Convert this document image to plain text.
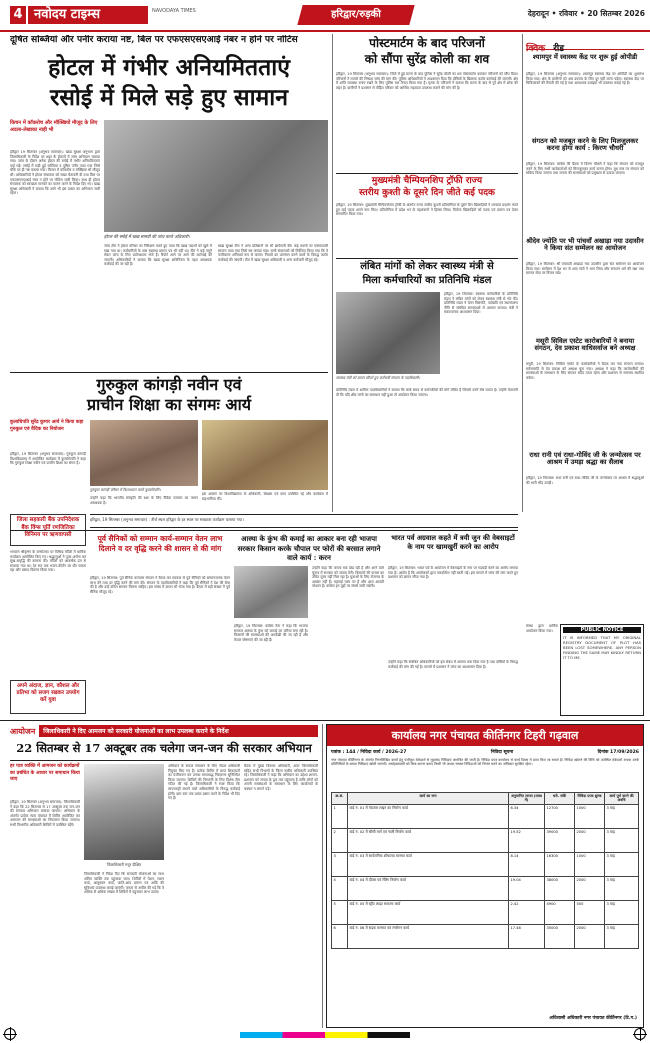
4 नवोदय टाइम्स	NAVODAYA TIMES	हरिद्वार/रुड़की	देहरादून • रविवार • 20 सितम्बर 2026
दूषित सब्जियां और पनीर कराया नष्ट, बिल पर एफएसएसएआई नंबर न होने पर नोटिस
होटल में गंभीर अनियमितताएं
रसोई में मिले सड़े हुए सामान
किचन में कॉकरोच और मॉक्खियों मौजूद के लिए अदला-लेखाका नाही भी

हरिद्वार 19 सितम्बर (अनुभव समाचार): खाद्य सुरक्षा अनुभाग द्वारा जिलाधिकारी के निर्देश पर शहर के होटलों में जांच अभियान चलाया गया। जांच के दौरान अनेक होटल की रसोई में गंभीर अनियमितताएं पाई गईं। रसोई में सड़ी हुई सब्जियां व दूषित पनीर पाया गया जिसे मौके पर ही नष्ट कराया गया। किचन में कॉकरोच व मक्खियां भी मौजूद थीं। अधिकारियों ने होटल संचालक को सख्त चेतावनी दी तथा बिल पर एफएसएसएआई नंबर न होने पर नोटिस जारी किया। साथ ही होटल संचालक को स्वच्छता मानकों का पालन करने के निर्देश दिए गए। खाद्य सुरक्षा अधिकारी ने बताया कि आगे भी इस प्रकार का अभियान जारी रहेगा।

होटल की रसोई में खाद्य सामग्री की जांच करते अधिकारी।

जांच टीम ने होटल परिसर का निरीक्षण करते हुए पाया कि खाद्य पदार्थों को खुले में रखा गया था। कर्मचारियों के पास स्वास्थ्य प्रमाण पत्र भी नहीं था। टीम ने कई नमूने लेकर जांच के लिए प्रयोगशाला भेजे हैं। रिपोर्ट आने पर आगे की कार्रवाई की जाएगी। अधिकारियों ने बताया कि खाद्य सुरक्षा अधिनियम के तहत आवश्यक कार्रवाई की जा रही है।

खाद्य सुरक्षा टीम ने अन्य प्रतिष्ठानों पर भी छापेमारी की। कई स्थानों पर एक्सपायरी सामान पाया गया जिसे नष्ट कराया गया। सभी संचालकों को निर्देशित किया गया कि वे पंजीकरण अनिवार्य रूप से कराएं। नियमों का उल्लंघन करने वालों के विरुद्ध कठोर कार्रवाई की जाएगी। टीम में खाद्य सुरक्षा अधिकारी व अन्य कर्मचारी मौजूद रहे।

गुरुकुल कांगड़ी नवीन एवं
प्राचीन शिक्षा का संगमः आर्य
कुलाधिपति सुरेंद्र कुमार आर्य ने किया कहा गुरुकुल एवं वैदिक का नियोजन

हरिद्वार, 19 सितम्बर (अनुभव समाचार): गुरुकुल कांगड़ी विश्वविद्यालय में आयोजित कार्यक्रम में कुलाधिपति ने कहा कि गुरुकुल शिक्षा नवीन एवं प्राचीन शिक्षा का संगम है।

गुरुकुल कांगड़ी परिसर में विश्वभारत करते कुलाधिपति।

उन्होंने कहा कि भारतीय संस्कृति की रक्षा के लिए वैदिक परम्परा का पालन आवश्यक है।

इस अवसर पर विश्वविद्यालय के अधिकारी, शिक्षक एवं छात्र उपस्थित रहे और कार्यक्रम में सहभागिता की।

पोस्टमार्टम के बाद परिजनों
को सौंपा सुरेंद्र कोली का शव

हरिद्वार, 19 सितम्बर (अनुभव समाचार): जिले में हुई घटना के बाद पुलिस ने सुरेंद्र कोली का शव पोस्टमार्टम कराकर परिजनों को सौंप दिया। परिजनों ने मामले की निष्पक्ष जांच की मांग की। पुलिस अधिकारियों ने आश्वासन दिया कि दोषियों के खिलाफ कठोर कार्रवाई की जाएगी। क्षेत्र में शांति व्यवस्था बनाए रखने के लिए पुलिस बल तैनात किया गया है। मृतक के परिजनों ने बताया कि घटना के बाद से पूरे क्षेत्र में शोक की लहर है। ग्रामीणों ने प्रशासन से पीड़ित परिवार को आर्थिक सहायता उपलब्ध कराने की मांग की है।

मुख्यमंत्री चैम्पियनशिप ट्रॉफी राज्य
स्तरीय कुश्ती के दूसरे दिन जीते कई पदक

हरिद्वार, 19 सितम्बर: मुख्यमंत्री चैम्पियनशिप ट्रॉफी के अंतर्गत राज्य स्तरीय कुश्ती प्रतियोगिता के दूसरे दिन खिलाड़ियों ने शानदार प्रदर्शन करते हुए कई पदक अपने नाम किए। प्रतियोगिता में प्रदेश भर के पहलवानों ने हिस्सा लिया। विजेता खिलाड़ियों को पदक एवं प्रमाण पत्र देकर सम्मानित किया गया।

लंबित मांगों को लेकर स्वास्थ्य मंत्री से
मिला कर्मचारियों का प्रतिनिधि मंडल
स्वास्थ्य मंत्री को ज्ञापन सौंपते हुए कर्मचारी संगठन के पदाधिकारी।

हरिद्वार, 19 सितम्बर: स्वास्थ्य कर्मचारियों के प्रतिनिधि मंडल ने लंबित मांगों को लेकर स्वास्थ्य मंत्री से भेंट की। प्रतिनिधि मंडल ने वेतन विसंगति, पदोन्नति एवं स्थानांतरण नीति से संबंधित समस्याओं से अवगत कराया। मंत्री ने सकारात्मक आश्वासन दिया।

प्रतिनिधि मंडल में शामिल पदाधिकारियों ने बताया कि लम्बे समय से कर्मचारियों की मांगें लंबित हैं जिससे उनमें रोष व्याप्त है। उन्होंने चेतावनी दी कि यदि शीघ्र मांगों का समाधान नहीं हुआ तो आंदोलन किया जाएगा।

हरिद्वार, 19 सितम्बर (अनुभव समाचार) : तीर्थ स्थल हरिद्वार के हर स्थल पर स्वच्छता कार्यक्रम चलाया गया।
जिला सहकारी बैंक उपनिदेशक बैंक विंग्स पूर्ति रणजितिका विनिमय पर ऋणवापसी
क्विक रीड
श्यामपुर में स्वास्थ्य केंद्र पर शुरू हुई ओपीडी

हरिद्वार, 19 सितम्बर (अनुभव समाचार): श्यामपुर स्वास्थ्य केंद्र पर ओपीडी का शुभारंभ किया गया। क्षेत्र के ग्रामीणों को अब उपचार के लिए दूर नहीं जाना पड़ेगा। स्वास्थ्य केंद्र पर चिकित्सकों की तैनाती की गई है तथा आवश्यक दवाइयां भी उपलब्ध कराई गई हैं।

संगठन को मजबूत करने के लिए मिलजुलकर करना होगा कार्य : किरण चौधरी

हरिद्वार, 19 सितम्बर: कांग्रेस की बैठक में किरण चौधरी ने कहा कि संगठन को मजबूत करने के लिए सभी कार्यकर्ताओं को मिलजुलकर कार्य करना होगा। बूथ स्तर पर संगठन को सक्रिय किया जाएगा तथा जनता की समस्याओं को प्रमुखता से उठाया जाएगा।

श्रीदेव ज्योति पर भी पांचवाँ अखाड़ा नया उदासीन ने किया संत सम्मेलन का आयोजन

हरिद्वार, 19 सितम्बर: श्री पंचायती अखाड़ा नया उदासीन द्वारा संत सम्मेलन का आयोजन किया गया। सम्मेलन में देश भर से आए संतों ने भाग लिया और सनातन धर्म की रक्षा तथा समाज सेवा पर विचार रखे।

मसूरी सिविल एस्टेट कारोबारियों ने बनाया संगठन, देव प्रकाश वाधिसर्वाज बने अध्यक्ष

मसूरी, 19 सितम्बर: सिविल एस्टेट के कारोबारियों ने बैठक कर नया संगठन बनाया। सर्वसम्मति से देव प्रकाश को अध्यक्ष चुना गया। अध्यक्ष ने कहा कि कारोबारियों की समस्याओं के समाधान के लिए संगठन सदैव तत्पर रहेगा और प्रशासन से समन्वय स्थापित करेगा।

राधा रानी एवं राधा-गोविंद जी के जन्मोत्सव पर आश्रम में उमड़ा श्रद्धा का सैलाब

हरिद्वार, 19 सितम्बर: राधा रानी एवं राधा-गोविंद जी के जन्मोत्सव पर आश्रम में श्रद्धालुओं की भारी भीड़ उमड़ी।

पूर्व सैनिकों को सम्मान कार्य-सम्मान वेतन लाभ दिलाने व दर वृद्धि करने की शासन से की मांग
आस्था के कुंभ की कमाई का आकार बना रही भाजपा सरकार किसान करके चौपाल पर फोरों की बरसात लगाने वाले कार्य : करन
भारत पर्व अग्रवाल कहते में त्रयी जुन की वेबसाइटों के नाम पर खामखुर्री करने का आरोप

भगवान श्रीकृष्ण के जन्मोत्सव पर विभिन्न मंदिरों में धार्मिक कार्यक्रम आयोजित किए गए। श्रद्धालुओं ने पूजा-अर्चना कर सुख-समृद्धि की कामना की। मंदिरों को आकर्षक ढंग से सजाया गया था। देर रात तक भजन-कीर्तन का दौर चलता रहा और प्रसाद वितरण किया गया।

अपने अंदाज, ज्ञान, कौशल और प्रतिभा को सजग रखकर उपयोग करें युवा

हरिद्वार, 19 सितम्बर: पूर्व सैनिक कल्याण संगठन ने बैठक कर सरकार से पूर्व सैनिकों को सम्मानजनक वेतन लाभ देने तथा दर वृद्धि करने की मांग की। संगठन के पदाधिकारियों ने कहा कि पूर्व सैनिकों ने देश की सेवा की है और उन्हें उचित सम्मान मिलना चाहिए। इस संबंध में ज्ञापन भी भेजा गया है। बैठक में बड़ी संख्या में पूर्व सैनिक मौजूद रहे।

हरिद्वार, 19 सितम्बर: कांग्रेस नेता ने कहा कि भाजपा सरकार आस्था के कुंभ को कमाई का जरिया बना रही है। किसानों की समस्याओं की अनदेखी की जा रही है और केवल घोषणाएं की जा रही हैं।

उन्होंने कहा कि जनता सब देख रही है और आने वाले चुनाव में सरकार को जवाब देगी। किसानों की फसल का उचित मूल्य नहीं मिल रहा है। युवाओं के लिए रोजगार के अवसर नहीं हैं। महंगाई चरम पर है और आम आदमी परेशान है। कांग्रेस इन मुद्दों पर संघर्ष जारी रखेगी।

हरिद्वार, 19 सितम्बर: भारत पर्व के आयोजन में वेबसाइटों के नाम पर गड़बड़ी करने का आरोप लगाया गया है। आरोप है कि आयोजकों द्वारा पारदर्शिता नहीं बरती गई। इस मामले में जांच की मांग करते हुए प्रशासन को ज्ञापन सौंपा गया है।

PUBLIC NOTICE
IT IS INFORMED THAT MY ORIGINAL REGISTRY DOCUMENT OF PLOT HAS BEEN LOST SOMEWHERE. ANY PERSON FINDING THE SAME MAY KINDLY RETURN IT TO ME.

संस्था द्वारा धार्मिक आयोजन किया गया।

उन्होंने कहा कि संबंधित अधिकारियों को इस संबंध में अवगत करा दिया गया है तथा दोषियों के विरुद्ध कार्रवाई की मांग की गई है। मामले में प्रशासन ने जांच का आश्वासन दिया है।

आयोजन	जिलाधिकारी ने दिए आमजन को सरकारी योजनाओं का लाभ उपलब्ध कराने के निर्देश
22 सितम्बर से 17 अक्टूबर तक चलेगा जन-जन की सरकार अभियान
हर पात्र व्यक्ति में आमजन को कार्यक्रमों का प्रबंधित के आधार पर समाधान किया जाए

हरिद्वार, 19 सितम्बर (अनुभव समाचार): जिलाधिकारी ने कहा कि 22 सितम्बर से 17 अक्टूबर तक जन-जन की सरकार अभियान चलाया जाएगा। अभियान के अंतर्गत प्रत्येक न्याय पंचायत में शिविर आयोजित कर आमजन की समस्याओं का निस्तारण किया जाएगा। सभी विभागीय अधिकारी शिविरों में उपस्थित रहेंगे।

जिलाधिकारी मयूर दीक्षित

जिलाधिकारी ने निर्देश दिए कि सरकारी योजनाओं का लाभ अंतिम व्यक्ति तक पहुंचाया जाए। शिविरों में पेंशन, राशन कार्ड, आयुष्मान कार्ड, जाति-आय प्रमाण पत्र आदि की सुविधाएं उपलब्ध कराई जाएंगी। जनता से अपील की गई कि वे अधिक से अधिक संख्या में शिविरों में पहुंचकर लाभ उठाएं।

अभियान के सफल संचालन के लिए नोडल अधिकारी नियुक्त किए गए हैं। प्रत्येक शिविर में प्राप्त शिकायतों का पंजीकरण कर उनका समयबद्ध निस्तारण सुनिश्चित किया जाएगा। शिविरों की निगरानी के लिए विशेष टीम गठित की गई है। जिलाधिकारी ने स्पष्ट किया कि लापरवाही बरतने वाले अधिकारियों के विरुद्ध कार्रवाई होगी। ग्राम स्तर तक प्रचार-प्रसार करने के निर्देश भी दिए गए हैं।

बैठक में मुख्य विकास अधिकारी, अपर जिलाधिकारी सहित सभी विभागों के जिला स्तरीय अधिकारी उपस्थित रहे। जिलाधिकारी ने कहा कि अभियान का उद्देश्य शासन-प्रशासन को जनता के द्वार तक पहुंचाना है ताकि लोगों को अपनी समस्याओं के समाधान के लिए कार्यालयों के चक्कर न लगाने पड़ें।

कार्यालय नगर पंचायत कीर्तिनगर टिहरी गढ़वाल
पत्रांक : 144 / निविदा कार्य / 2026-27	निविदा सूचना	दिनांक 17/09/2026
नगर पंचायत कीर्तिनगर के अंतर्गत निम्नलिखित कार्यों हेतु पंजीकृत ठेकेदारों से मुहरबंद निविदाएं आमंत्रित की जाती हैं। निविदा प्रपत्र कार्यालय से कार्य दिवस में प्राप्त किए जा सकते हैं। निविदा खोलने की तिथि को उपस्थित ठेकेदारों अथवा उनके प्रतिनिधियों के समक्ष निविदाएं खोली जाएंगी। अधोहस्ताक्षरी को बिना कारण बताए किसी भी अथवा समस्त निविदाओं को निरस्त करने का अधिकार सुरक्षित रहेगा।
क्र.सं.	कार्य का नाम	अनुमानित लागत (लाख में)	धरो. राशि	निविदा प्रपत्र शुल्क	कार्य पूर्ण करने की अवधि
1	वार्ड नं. 01 में पेयजल लाइन का निर्माण कार्य	6.34	12700	1000	3 माह
2	वार्ड नं. 02 में सीसी मार्ग एवं नाली निर्माण कार्य	19.52	39000	2000	3 माह
3	वार्ड नं. 03 में सार्वजनिक शौचालय मरम्मत कार्य	8.14	16300	1000	3 माह
4	वार्ड नं. 04 में दीवार एवं रेलिंग निर्माण कार्य	19.04	38000	2000	3 माह
5	वार्ड नं. 05 में स्ट्रीट लाइट स्थापना कार्य	2.42	4900	500	3 माह
6	वार्ड नं. 06 में सड़क मरम्मत एवं रंगरोगन कार्य	17.48	35000	2000	3 माह
अधिशासी अधिकारी नगर पंचायत कीर्तिनगर (टि.ग.)
